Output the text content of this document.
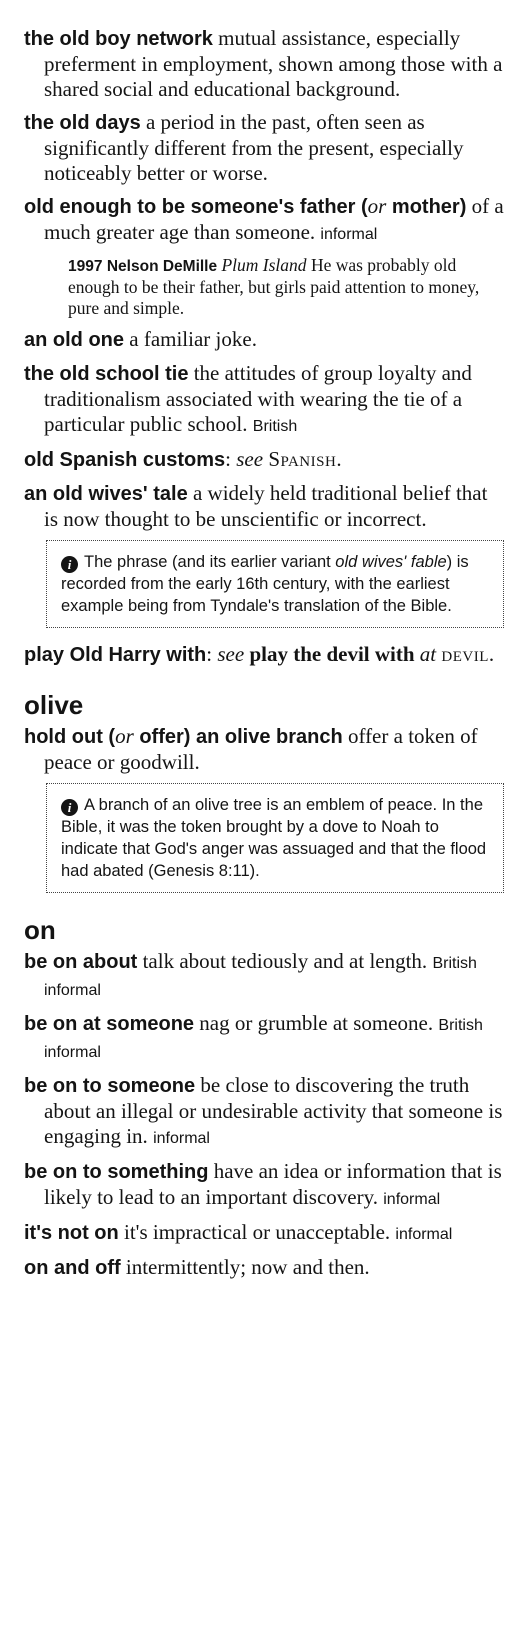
the old boy network mutual assistance, especially preferment in employment, shown among those with a shared social and educational background.
the old days a period in the past, often seen as significantly different from the present, especially noticeably better or worse.
old enough to be someone's father (or mother) of a much greater age than someone. informal
1997 Nelson DeMille Plum Island He was probably old enough to be their father, but girls paid attention to money, pure and simple.
an old one a familiar joke.
the old school tie the attitudes of group loyalty and traditionalism associated with wearing the tie of a particular public school. British
old Spanish customs: see Spanish.
an old wives' tale a widely held traditional belief that is now thought to be unscientific or incorrect.
i The phrase (and its earlier variant old wives' fable) is recorded from the early 16th century, with the earliest example being from Tyndale's translation of the Bible.
play Old Harry with: see play the devil with at devil.
olive
hold out (or offer) an olive branch offer a token of peace or goodwill.
i A branch of an olive tree is an emblem of peace. In the Bible, it was the token brought by a dove to Noah to indicate that God's anger was assuaged and that the flood had abated (Genesis 8:11).
on
be on about talk about tediously and at length. British informal
be on at someone nag or grumble at someone. British informal
be on to someone be close to discovering the truth about an illegal or undesirable activity that someone is engaging in. informal
be on to something have an idea or information that is likely to lead to an important discovery. informal
it's not on it's impractical or unacceptable. informal
on and off intermittently; now and then.
